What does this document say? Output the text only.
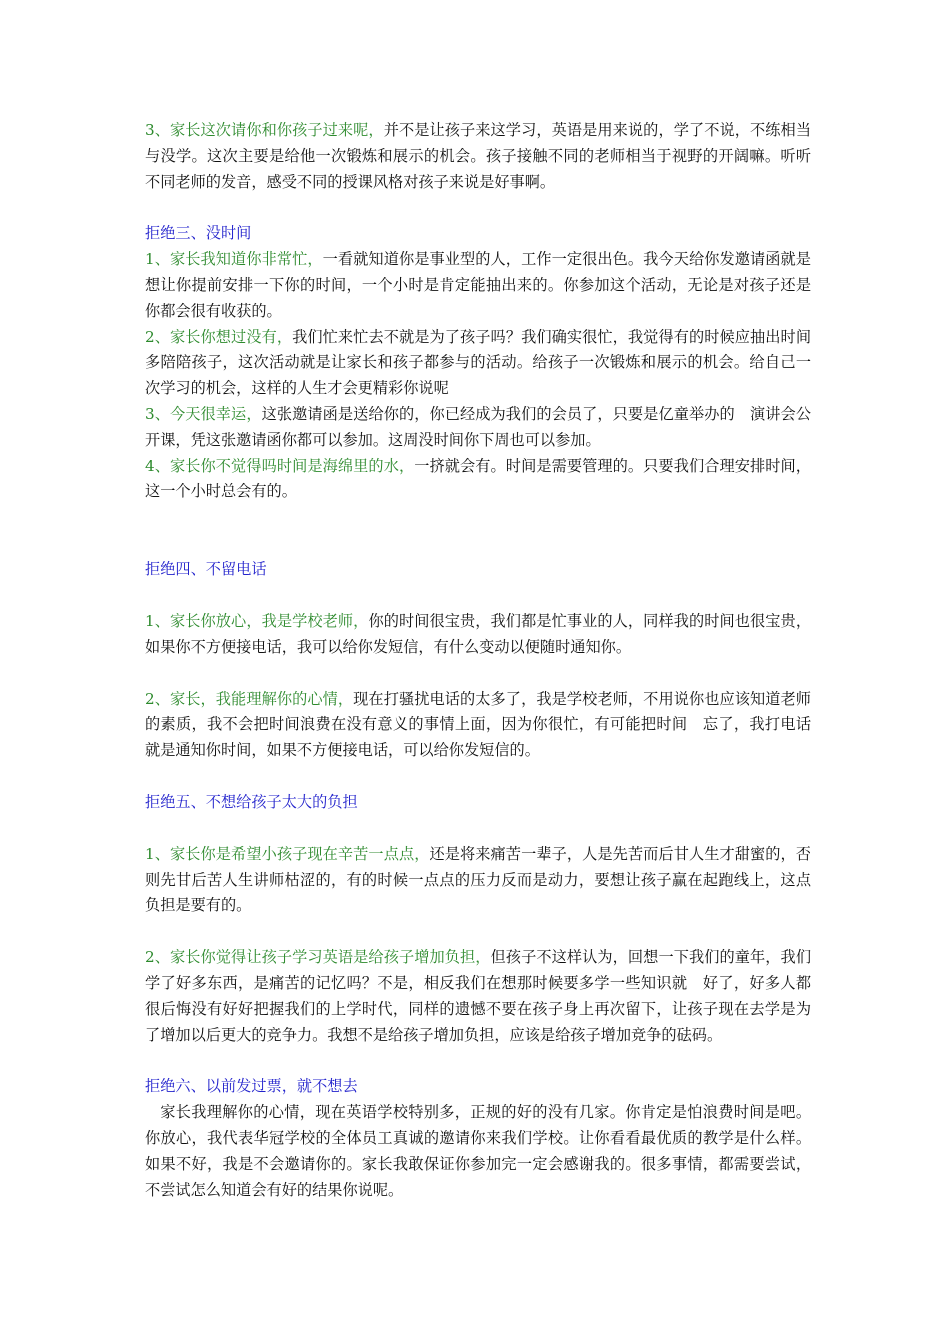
3、家长这次请你和你孩子过来呢，并不是让孩子来这学习，英语是用来说的，学了不说，不练相当与没学。这次主要是给他一次锻炼和展示的机会。孩子接触不同的老师相当于视野的开阔嘛。听听不同老师的发音，感受不同的授课风格对孩子来说是好事啊。

拒绝三、没时间

1、家长我知道你非常忙，一看就知道你是事业型的人，工作一定很出色。我今天给你发邀请函就是想让你提前安排一下你的时间，一个小时是肯定能抽出来的。你参加这个活动，无论是对孩子还是你都会很有收获的。

2、家长你想过没有，我们忙来忙去不就是为了孩子吗？我们确实很忙，我觉得有的时候应抽出时间多陪陪孩子，这次活动就是让家长和孩子都参与的活动。给孩子一次锻炼和展示的机会。给自己一次学习的机会，这样的人生才会更精彩你说呢

3、今天很幸运，这张邀请函是送给你的，你已经成为我们的会员了，只要是亿童举办的　演讲会公开课，凭这张邀请函你都可以参加。这周没时间你下周也可以参加。

4、家长你不觉得吗时间是海绵里的水，一挤就会有。时间是需要管理的。只要我们合理安排时间，这一个小时总会有的。

拒绝四、不留电话

1、家长你放心，我是学校老师，你的时间很宝贵，我们都是忙事业的人，同样我的时间也很宝贵，如果你不方便接电话，我可以给你发短信，有什么变动以便随时通知你。

2、家长，我能理解你的心情，现在打骚扰电话的太多了，我是学校老师，不用说你也应该知道老师的素质，我不会把时间浪费在没有意义的事情上面，因为你很忙，有可能把时间　忘了，我打电话就是通知你时间，如果不方便接电话，可以给你发短信的。

拒绝五、不想给孩子太大的负担

1、家长你是希望小孩子现在辛苦一点点，还是将来痛苦一辈子，人是先苦而后甘人生才甜蜜的，否则先甘后苦人生讲师枯涩的，有的时候一点点的压力反而是动力，要想让孩子赢在起跑线上，这点负担是要有的。

2、家长你觉得让孩子学习英语是给孩子增加负担，但孩子不这样认为，回想一下我们的童年，我们学了好多东西，是痛苦的记忆吗？不是，相反我们在想那时候要多学一些知识就　好了，好多人都很后悔没有好好把握我们的上学时代，同样的遗憾不要在孩子身上再次留下，让孩子现在去学是为了增加以后更大的竞争力。我想不是给孩子增加负担，应该是给孩子增加竞争的砝码。

拒绝六、以前发过票，就不想去

家长我理解你的心情，现在英语学校特别多，正规的好的没有几家。你肯定是怕浪费时间是吧。你放心，我代表华冠学校的全体员工真诚的邀请你来我们学校。让你看看最优质的教学是什么样。如果不好，我是不会邀请你的。家长我敢保证你参加完一定会感谢我的。很多事情，都需要尝试，不尝试怎么知道会有好的结果你说呢。
